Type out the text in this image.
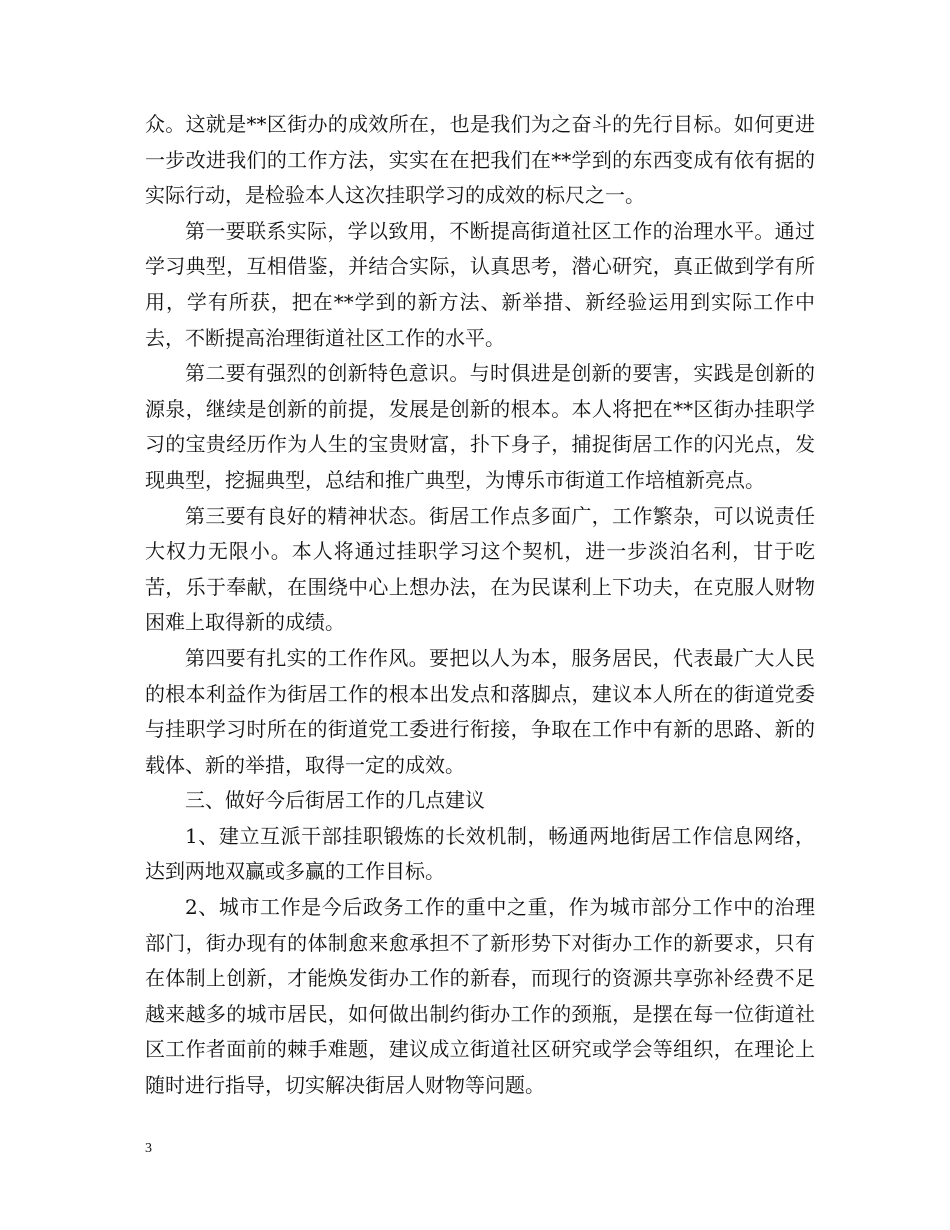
众。这就是**区街办的成效所在，也是我们为之奋斗的先行目标。如何更进一步改进我们的工作方法，实实在在把我们在**学到的东西变成有依有据的实际行动，是检验本人这次挂职学习的成效的标尺之一。

第一要联系实际，学以致用，不断提高街道社区工作的治理水平。通过学习典型，互相借鉴，并结合实际，认真思考，潜心研究，真正做到学有所用，学有所获，把在**学到的新方法、新举措、新经验运用到实际工作中去，不断提高治理街道社区工作的水平。

第二要有强烈的创新特色意识。与时俱进是创新的要害，实践是创新的源泉，继续是创新的前提，发展是创新的根本。本人将把在**区街办挂职学习的宝贵经历作为人生的宝贵财富，扑下身子，捕捉街居工作的闪光点，发现典型，挖掘典型，总结和推广典型，为博乐市街道工作培植新亮点。

第三要有良好的精神状态。街居工作点多面广，工作繁杂，可以说责任大权力无限小。本人将通过挂职学习这个契机，进一步淡泊名利，甘于吃苦，乐于奉献，在围绕中心上想办法，在为民谋利上下功夫，在克服人财物困难上取得新的成绩。

第四要有扎实的工作作风。要把以人为本，服务居民，代表最广大人民的根本利益作为街居工作的根本出发点和落脚点，建议本人所在的街道党委与挂职学习时所在的街道党工委进行衔接，争取在工作中有新的思路、新的载体、新的举措，取得一定的成效。

三、做好今后街居工作的几点建议

1、建立互派干部挂职锻炼的长效机制，畅通两地街居工作信息网络，达到两地双赢或多赢的工作目标。

2、城市工作是今后政务工作的重中之重，作为城市部分工作中的治理部门，街办现有的体制愈来愈承担不了新形势下对街办工作的新要求，只有在体制上创新，才能焕发街办工作的新春，而现行的资源共享弥补经费不足越来越多的城市居民，如何做出制约街办工作的颈瓶，是摆在每一位街道社区工作者面前的棘手难题，建议成立街道社区研究或学会等组织，在理论上随时进行指导，切实解决街居人财物等问题。

3
